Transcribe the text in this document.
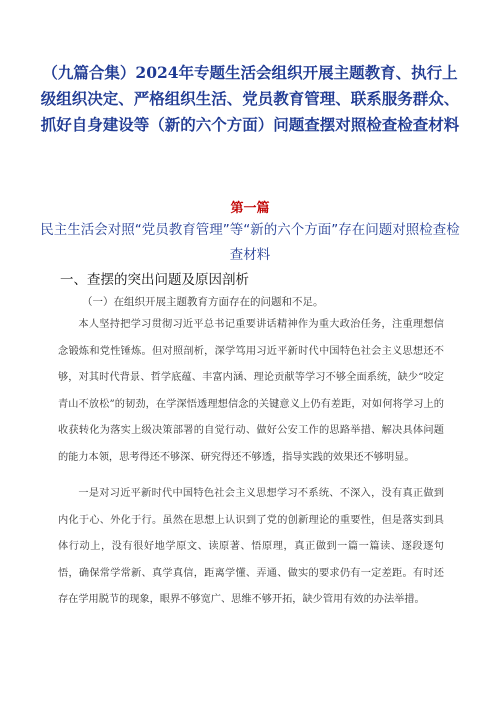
（九篇合集）2024年专题生活会组织开展主题教育、执行上级组织决定、严格组织生活、党员教育管理、联系服务群众、抓好自身建设等（新的六个方面）问题查摆对照检查检查材料
第一篇
民主生活会对照“党员教育管理”等“新的六个方面”存在问题对照检查检查材料
一、查摆的突出问题及原因剖析
（一）在组织开展主题教育方面存在的问题和不足。

本人坚持把学习贯彻习近平总书记重要讲话精神作为重大政治任务，注重理想信念锻炼和党性锤炼。但对照剖析，深学笃用习近平新时代中国特色社会主义思想还不够，对其时代背景、哲学底蕴、丰富内涵、理论贡献等学习不够全面系统，缺少“咬定青山不放松”的韧劲，在学深悟透理想信念的关键意义上仍有差距，对如何将学习上的收获转化为落实上级决策部署的自觉行动、做好公安工作的思路举措、解决具体问题的能力本领，思考得还不够深、研究得还不够透，指导实践的效果还不够明显。

一是对习近平新时代中国特色社会主义思想学习不系统、不深入，没有真正做到内化于心、外化于行。虽然在思想上认识到了党的创新理论的重要性，但是落实到具体行动上，没有很好地学原文、读原著、悟原理，真正做到一篇一篇读、逐段逐句悟，确保常学常新、真学真信，距离学懂、弄通、做实的要求仍有一定差距。有时还存在学用脱节的现象，眼界不够宽广、思维不够开拓，缺少管用有效的办法举措。
